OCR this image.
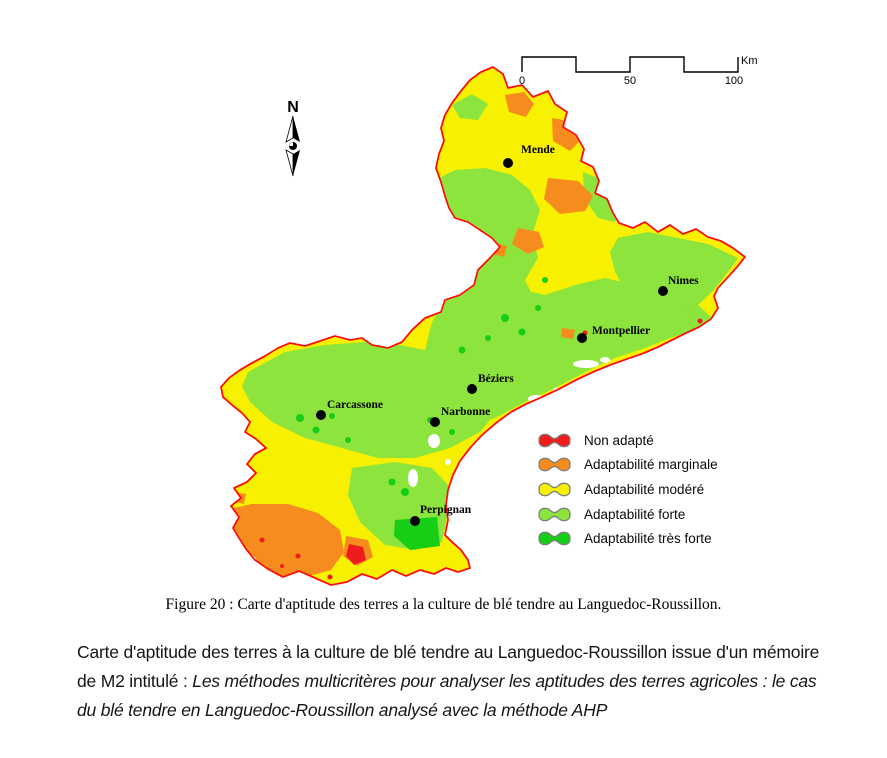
Mende
Nimes
Montpellier
Béziers
Carcassone
Narbonne
Perpignan
N
0	50	100
Km
Non adapté
Adaptabilité marginale
Adaptabilité modéré
Adaptabilité forte
Adaptabilité très forte
Figure 20 : Carte d'aptitude des terres a la culture de blé tendre au Languedoc-Roussillon.

Carte d'aptitude des terres à la culture de blé tendre au Languedoc-Roussillon issue d'un mémoire de M2 intitulé : Les méthodes multicritères pour analyser les aptitudes des terres agricoles : le cas du blé tendre en Languedoc-Roussillon analysé avec la méthode AHP
